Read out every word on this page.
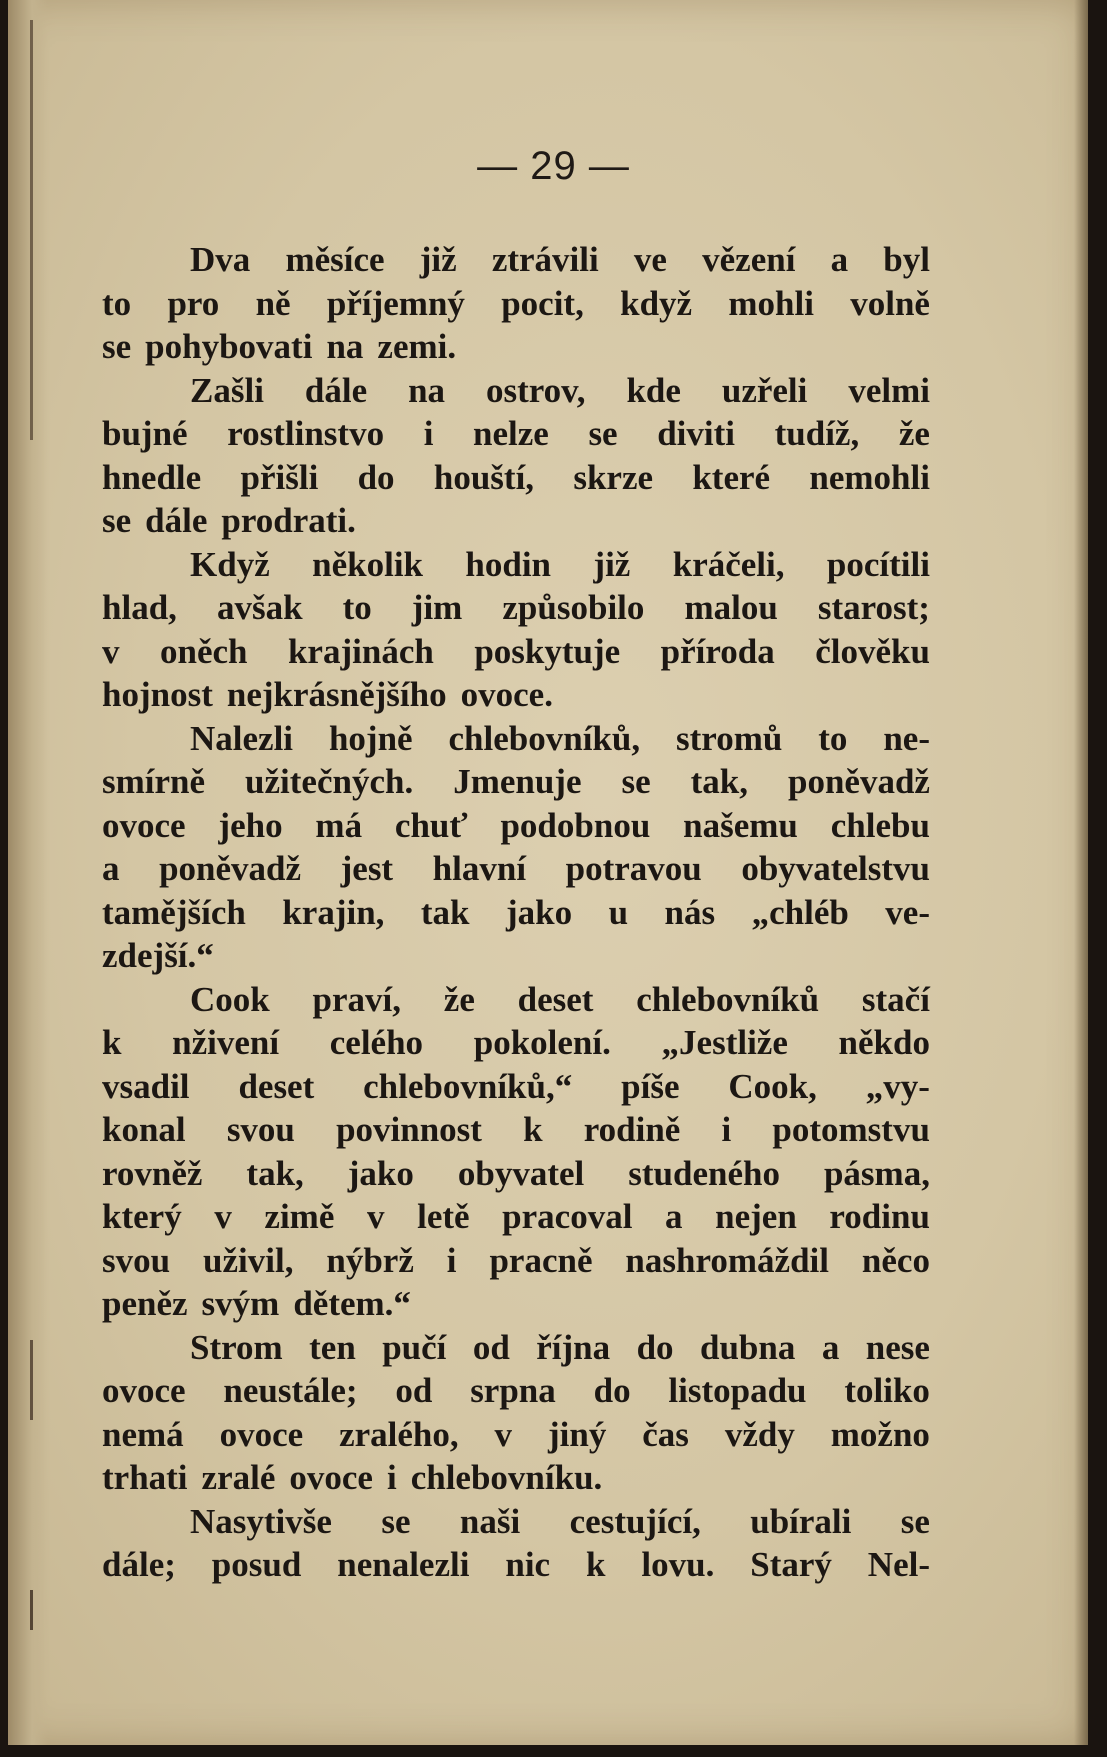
— 29 —
Dva měsíce již ztrávili ve vězení a byl
to pro ně příjemný pocit, když mohli volně
se pohybovati na zemi.
Zašli dále na ostrov, kde uzřeli velmi
bujné rostlinstvo i nelze se diviti tudíž, že
hnedle přišli do houští, skrze které nemohli
se dále prodrati.
Když několik hodin již kráčeli, pocítili
hlad, avšak to jim způsobilo malou starost;
v oněch krajinách poskytuje příroda člověku
hojnost nejkrásnějšího ovoce.
Nalezli hojně chlebovníků, stromů to ne-
smírně užitečných. Jmenuje se tak, poněvadž
ovoce jeho má chuť podobnou našemu chlebu
a poněvadž jest hlavní potravou obyvatelstvu
tamějších krajin, tak jako u nás „chléb ve-
zdejší.“
Cook praví, že deset chlebovníků stačí
k nživení celého pokolení. „Jestliže někdo
vsadil deset chlebovníků,“ píše Cook, „vy-
konal svou povinnost k rodině i potomstvu
rovněž tak, jako obyvatel studeného pásma,
který v zimě v letě pracoval a nejen rodinu
svou uživil, nýbrž i pracně nashromáždil něco
peněz svým dětem.“
Strom ten pučí od října do dubna a nese
ovoce neustále; od srpna do listopadu toliko
nemá ovoce zralého, v jiný čas vždy možno
trhati zralé ovoce i chlebovníku.
Nasytivše se naši cestující, ubírali se
dále; posud nenalezli nic k lovu. Starý Nel-
